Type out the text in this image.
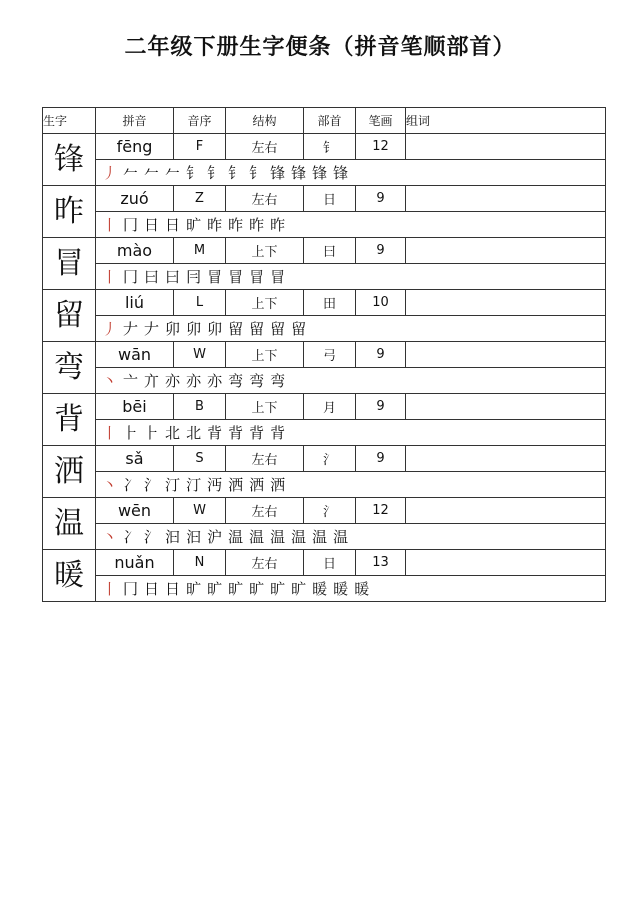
二年级下册生字便条（拼音笔顺部首）
生字	拼音	音序	结构	部首	笔画	组词
锋	fēng	F	左右	钅	12	
	丿𠂉𠂉𠂉钅钅钅钅锋锋锋锋					
昨	zuó	Z	左右	日	9	
	丨冂日日旷昨昨昨昨					
冒	mào	M	上下	曰	9	
	丨冂曰曰冃冒冒冒冒					
留	liú	L	上下	田	10	
	丿𠂇𠂇卯卯卯留留留留					
弯	wān	W	上下	弓	9	
	丶亠亣亦亦亦弯弯弯					
背	bēi	B	上下	月	9	
	丨⺊⺊北北背背背背					
洒	sǎ	S	左右	氵	9	
	丶冫氵汀汀沔洒洒洒					
温	wēn	W	左右	氵	12	
	丶冫氵汩汩沪温温温温温温					
暖	nuǎn	N	左右	日	13	
	丨冂日日旷旷旷旷旷旷暖暖暖					
